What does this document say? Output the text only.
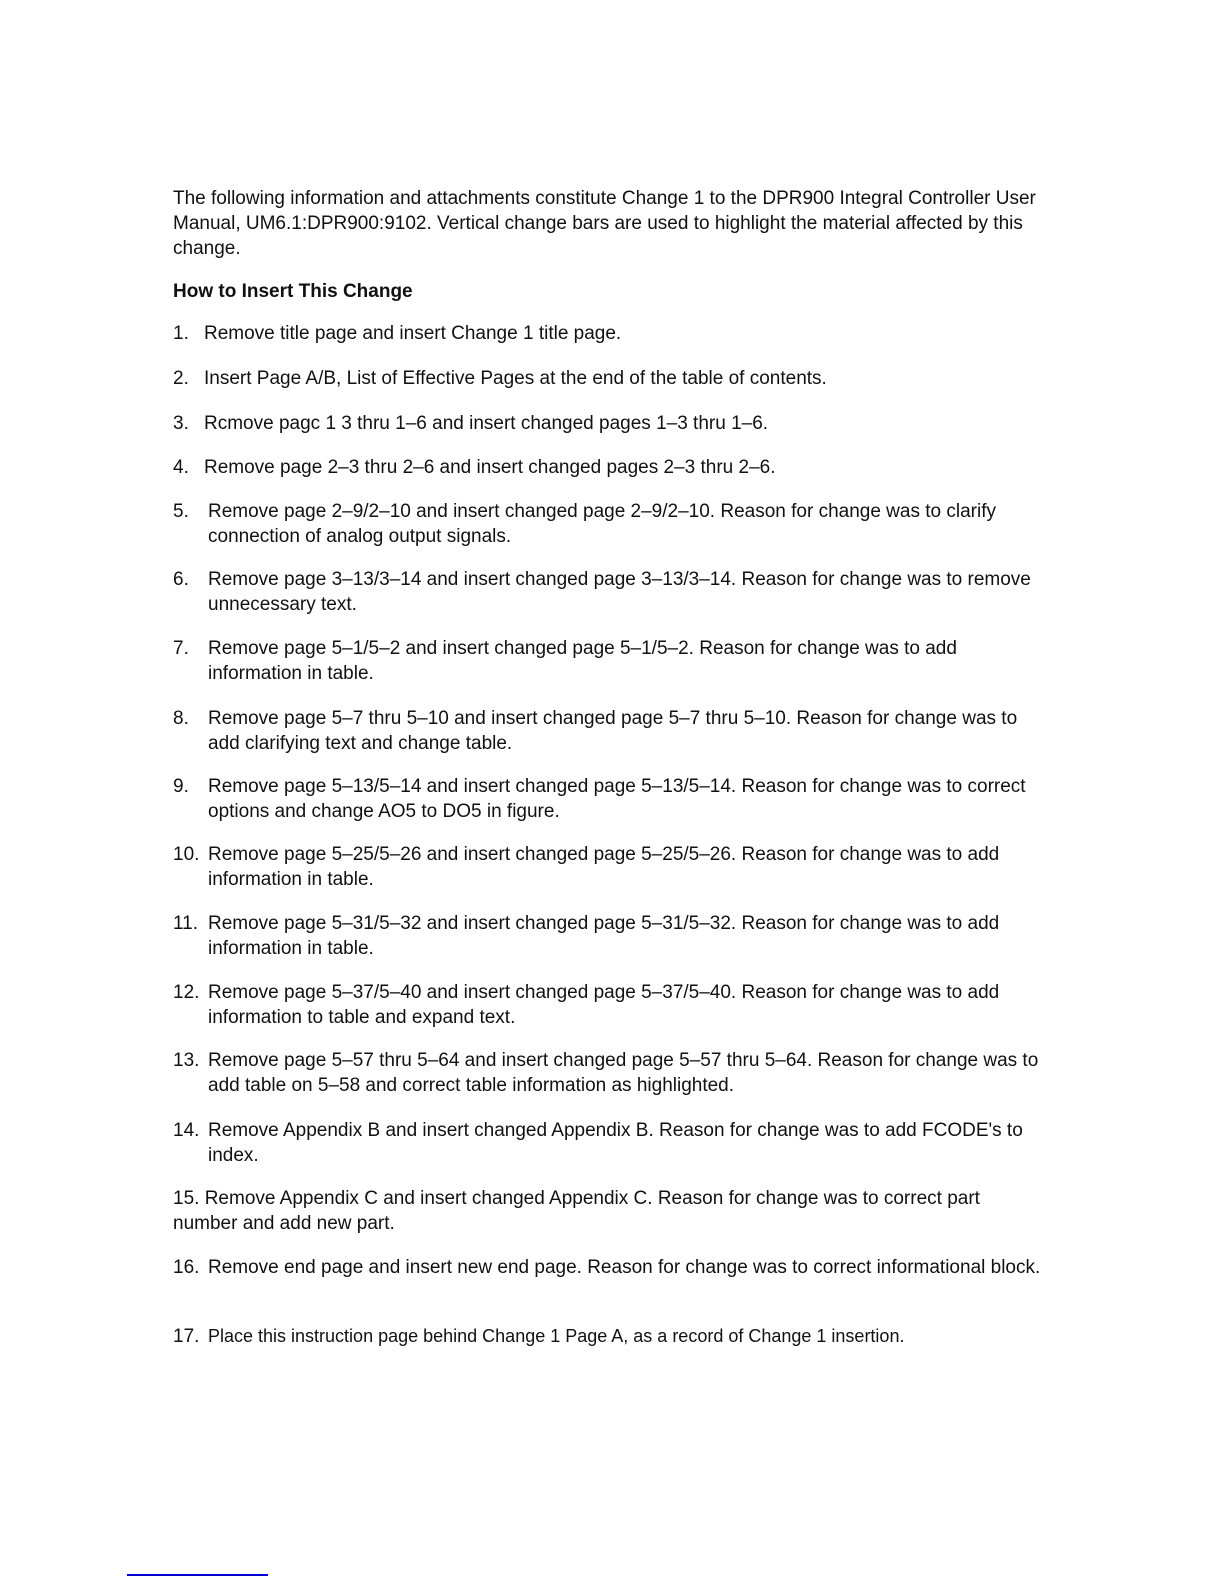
The following information and attachments constitute Change 1 to the DPR900 Integral Controller User Manual, UM6.1:DPR900:9102. Vertical change bars are used to highlight the material affected by this change.
How to Insert This Change
1. Remove title page and insert Change 1 title page.
2. Insert Page A/B, List of Effective Pages at the end of the table of contents.
3. Rcmove pagc 1 3 thru 1–6 and insert changed pages 1–3 thru 1–6.
4. Remove page 2–3 thru 2–6 and insert changed pages 2–3 thru 2–6.
5.	Remove page 2–9/2–10 and insert changed page 2–9/2–10. Reason for change was to clarify connection of analog output signals.
6.	Remove page 3–13/3–14 and insert changed page 3–13/3–14. Reason for change was to remove unnecessary text.
7.	Remove page 5–1/5–2 and insert changed page 5–1/5–2. Reason for change was to add information in table.
8.	Remove page 5–7 thru 5–10 and insert changed page 5–7 thru 5–10. Reason for change was to add clarifying text and change table.
9.	Remove page 5–13/5–14 and insert changed page 5–13/5–14. Reason for change was to correct options and change AO5 to DO5 in figure.
10. Remove page 5–25/5–26 and insert changed page 5–25/5–26. Reason for change was to add information in table.
11. Remove page 5–31/5–32 and insert changed page 5–31/5–32. Reason for change was to add information in table.
12. Remove page 5–37/5–40 and insert changed page 5–37/5–40. Reason for change was to add information to table and expand text.
13. Remove page 5–57 thru 5–64 and insert changed page 5–57 thru 5–64. Reason for change was to add table on 5–58 and correct table information as highlighted.
14. Remove Appendix B and insert changed Appendix B. Reason for change was to add FCODE's to index.
15. Remove Appendix C and insert changed Appendix C. Reason for change was to correct part number and add new part.
16. Remove end page and insert new end page. Reason for change was to correct informational block.
17. Place this instruction page behind Change 1 Page A, as a record of Change 1 insertion.
